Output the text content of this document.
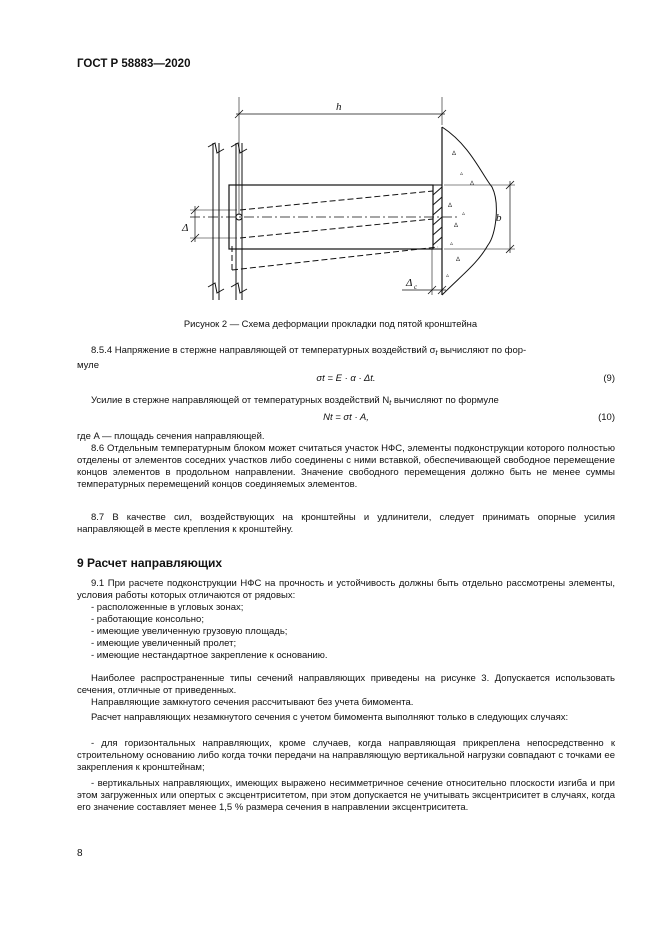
ГОСТ Р 58883—2020
∆
▵
∆
∆
▵
∆
▵
∆
▵
h
b
Δ
Δ с
Рисунок 2 — Схема деформации прокладки под пятой кронштейна
8.5.4 Напряжение в стержне направляющей от температурных воздействий $\sigma_t$ вычисляют по фор-
муле
σt = E · α · Δt.	(9)
Усилие в стержне направляющей от температурных воздействий $N_t$ вычисляют по формуле
Nt = σt · A,	(10)
где A — площадь сечения направляющей.
8.6 Отдельным температурным блоком может считаться участок НФС, элементы подконструкции которого полностью отделены от элементов соседних участков либо соединены с ними вставкой, обеспечивающей свободное перемещение концов элементов в продольном направлении. Значение свободного перемещения должно быть не менее суммы температурных перемещений концов соединяемых элементов.
8.7 В качестве сил, воздействующих на кронштейны и удлинители, следует принимать опорные усилия направляющей в месте крепления к кронштейну.
9 Расчет направляющих
9.1 При расчете подконструкции НФС на прочность и устойчивость должны быть отдельно рассмотрены элементы, условия работы которых отличаются от рядовых:
- расположенные в угловых зонах;
- работающие консольно;
- имеющие увеличенную грузовую площадь;
- имеющие увеличенный пролет;
- имеющие нестандартное закрепление к основанию.
Наиболее распространенные типы сечений направляющих приведены на рисунке 3. Допускается использовать сечения, отличные от приведенных.
Направляющие замкнутого сечения рассчитывают без учета бимомента.
Расчет направляющих незамкнутого сечения с учетом бимомента выполняют только в следующих случаях:
- для горизонтальных направляющих, кроме случаев, когда направляющая прикреплена непосредственно к строительному основанию либо когда точки передачи на направляющую вертикальной нагрузки совпадают с точками ее закрепления к кронштейнам;
- вертикальных направляющих, имеющих выражено несимметричное сечение относительно плоскости изгиба и при этом загруженных или опертых с эксцентриситетом, при этом допускается не учитывать эксцентриситет в случаях, когда его значение составляет менее 1,5 % размера сечения в направлении эксцентриситета.
8
